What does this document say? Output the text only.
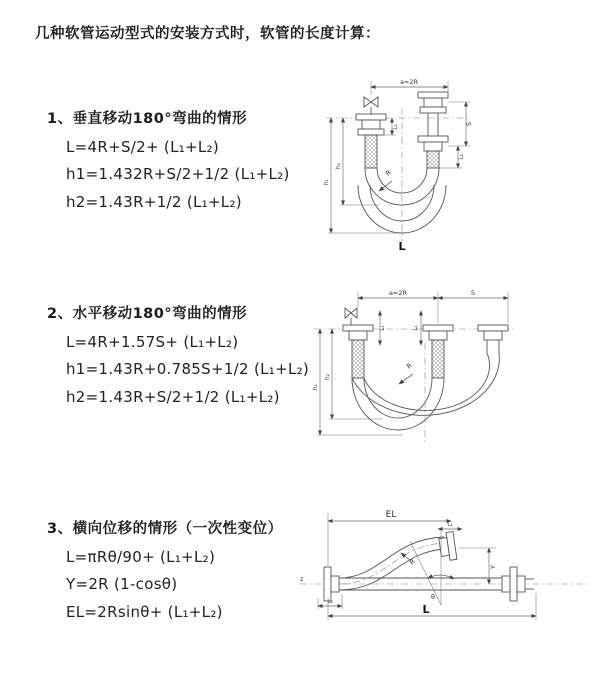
几种软管运动型式的安装方式时，软管的长度计算：
1、垂直移动180°弯曲的情形
L=4R+S/2+ (L₁+L₂)
h1=1.432R+S/2+1/2 (L₁+L₂)
h2=1.43R+1/2 (L₁+L₂)
2、水平移动180°弯曲的情形
L=4R+1.57S+ (L₁+L₂)
h1=1.43R+0.785S+1/2 (L₁+L₂)
h2=1.43R+S/2+1/2 (L₁+L₂)
3、横向位移的情形（一次性变位）
L=πRθ/90+ (L₁+L₂)
Y=2R (1-cosθ)
EL=2Rsinθ+ (L₁+L₂)
a=2R
S
L₁
L₂
h₁
h₂
R
L
a=2R	S
L₁	L₁
h₁
h₂
R
z
EL
L₁
Y
R
θ
L₂
L
